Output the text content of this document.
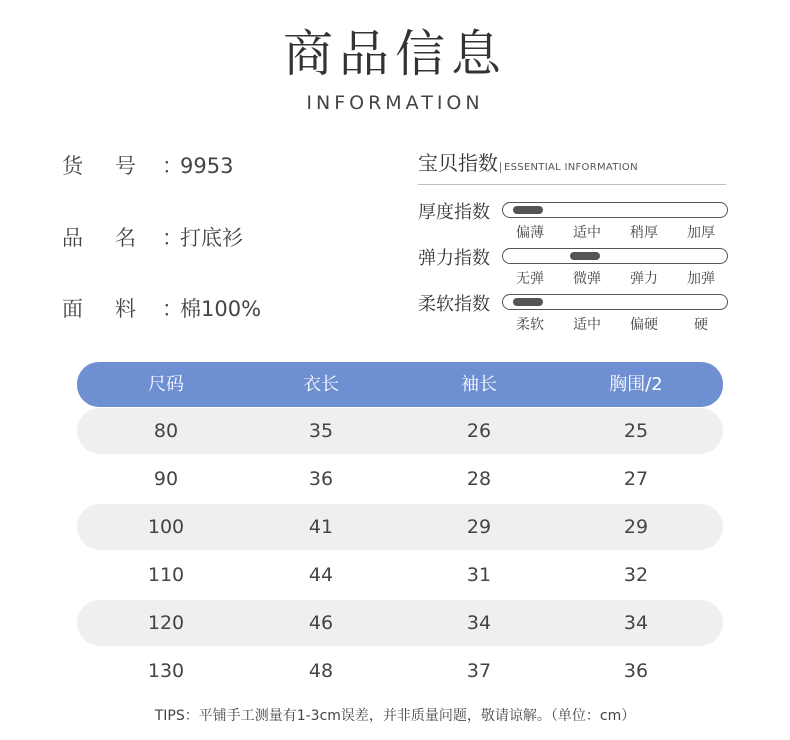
商品信息
INFORMATION
货 号 ：9953
品 名 ：打底衫
面 料 ：棉100%
宝贝指数 ESSENTIAL INFORMATION
厚度指数
偏薄	适中	稍厚	加厚
弹力指数
无弹	微弹	弹力	加弹
柔软指数
柔软	适中	偏硬	硬
尺码	衣长	袖长	胸围/2
80	35	26	25
90	36	28	27
100	41	29	29
110	44	31	32
120	46	34	34
130	48	37	36
TIPS：平铺手工测量有1-3cm误差，并非质量问题，敬请谅解。（单位：cm）
